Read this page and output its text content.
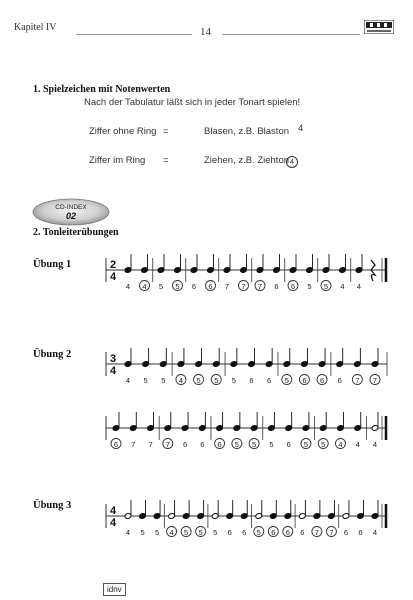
Kapitel IV	14
1. Spielzeichen mit Notenwerten
Nach der Tabulatur läßt sich in jeder Tonart spielen!
Ziffer ohne Ring =	Blasen, z.B. Blaston 4
Ziffer im Ring =	Ziehen, z.B. Ziehton 4
CD-INDEX
02
2. Tonleiterübungen
Übung 1
Übung 2
Übung 3
2
4
4 4 5 5 6 6 7 7 7 6 6 5 5 4 4
3
4
4 5 5 4 5 5 5 6 6 5 6 6 6 7 7
6 7 7 7 6 6 6 5 5 5 6 5 5 4 4 4
4
4
4 5 5 4 5 5 5 6 6 5 6 6 6 7 7 6 6 4
idnv
